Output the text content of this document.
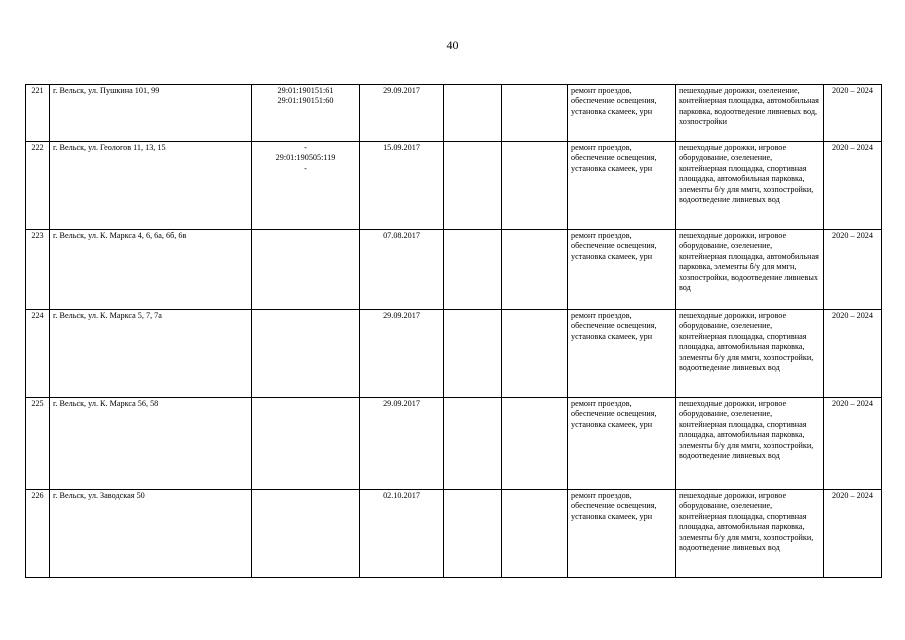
40
221	г. Вельск, ул. Пушкина 101, 99	29:01:190151:61
29:01:190151:60	29.09.2017			ремонт проездов, обеспечение освещения, установка скамеек, урн	пешеходные дорожки, озеленение, контейнерная площадка, автомобильная парковка, водоотведение ливневых вод, хозпостройки	2020 – 2024
222	г. Вельск, ул. Геологов 11, 13, 15	-
29:01:190505:119
-	15.09.2017			ремонт проездов, обеспечение освещения, установка скамеек, урн	пешеходные дорожки, игровое оборудование, озеленение, контейнерная площадка, спортивная площадка, автомобильная парковка, элементы б/у для ммгн, хозпостройки, водоотведение ливневых вод	2020 – 2024
223	г. Вельск, ул. К. Маркса 4, 6, 6а, 6б, 6в		07.08.2017			ремонт проездов, обеспечение освещения, установка скамеек, урн	пешеходные дорожки, игровое оборудование, озеленение, контейнерная площадка, автомобильная парковка, элементы б/у для ммгн, хозпостройки, водоотведение ливневых вод	2020 – 2024
224	г. Вельск, ул. К. Маркса 5, 7, 7а		29.09.2017			ремонт проездов, обеспечение освещения, установка скамеек, урн	пешеходные дорожки, игровое оборудование, озеленение, контейнерная площадка, спортивная площадка, автомобильная парковка, элементы б/у для ммгн, хозпостройки, водоотведение ливневых вод	2020 – 2024
225	г. Вельск, ул. К. Маркса 56, 58		29.09.2017			ремонт проездов, обеспечение освещения, установка скамеек, урн	пешеходные дорожки, игровое оборудование, озеленение, контейнерная площадка, спортивная площадка, автомобильная парковка, элементы б/у для ммгн, хозпостройки, водоотведение ливневых вод	2020 – 2024
226	г. Вельск, ул. Заводская 50		02.10.2017			ремонт проездов, обеспечение освещения, установка скамеек, урн	пешеходные дорожки, игровое оборудование, озеленение, контейнерная площадка, спортивная площадка, автомобильная парковка, элементы б/у для ммгн, хозпостройки, водоотведение ливневых вод	2020 – 2024
